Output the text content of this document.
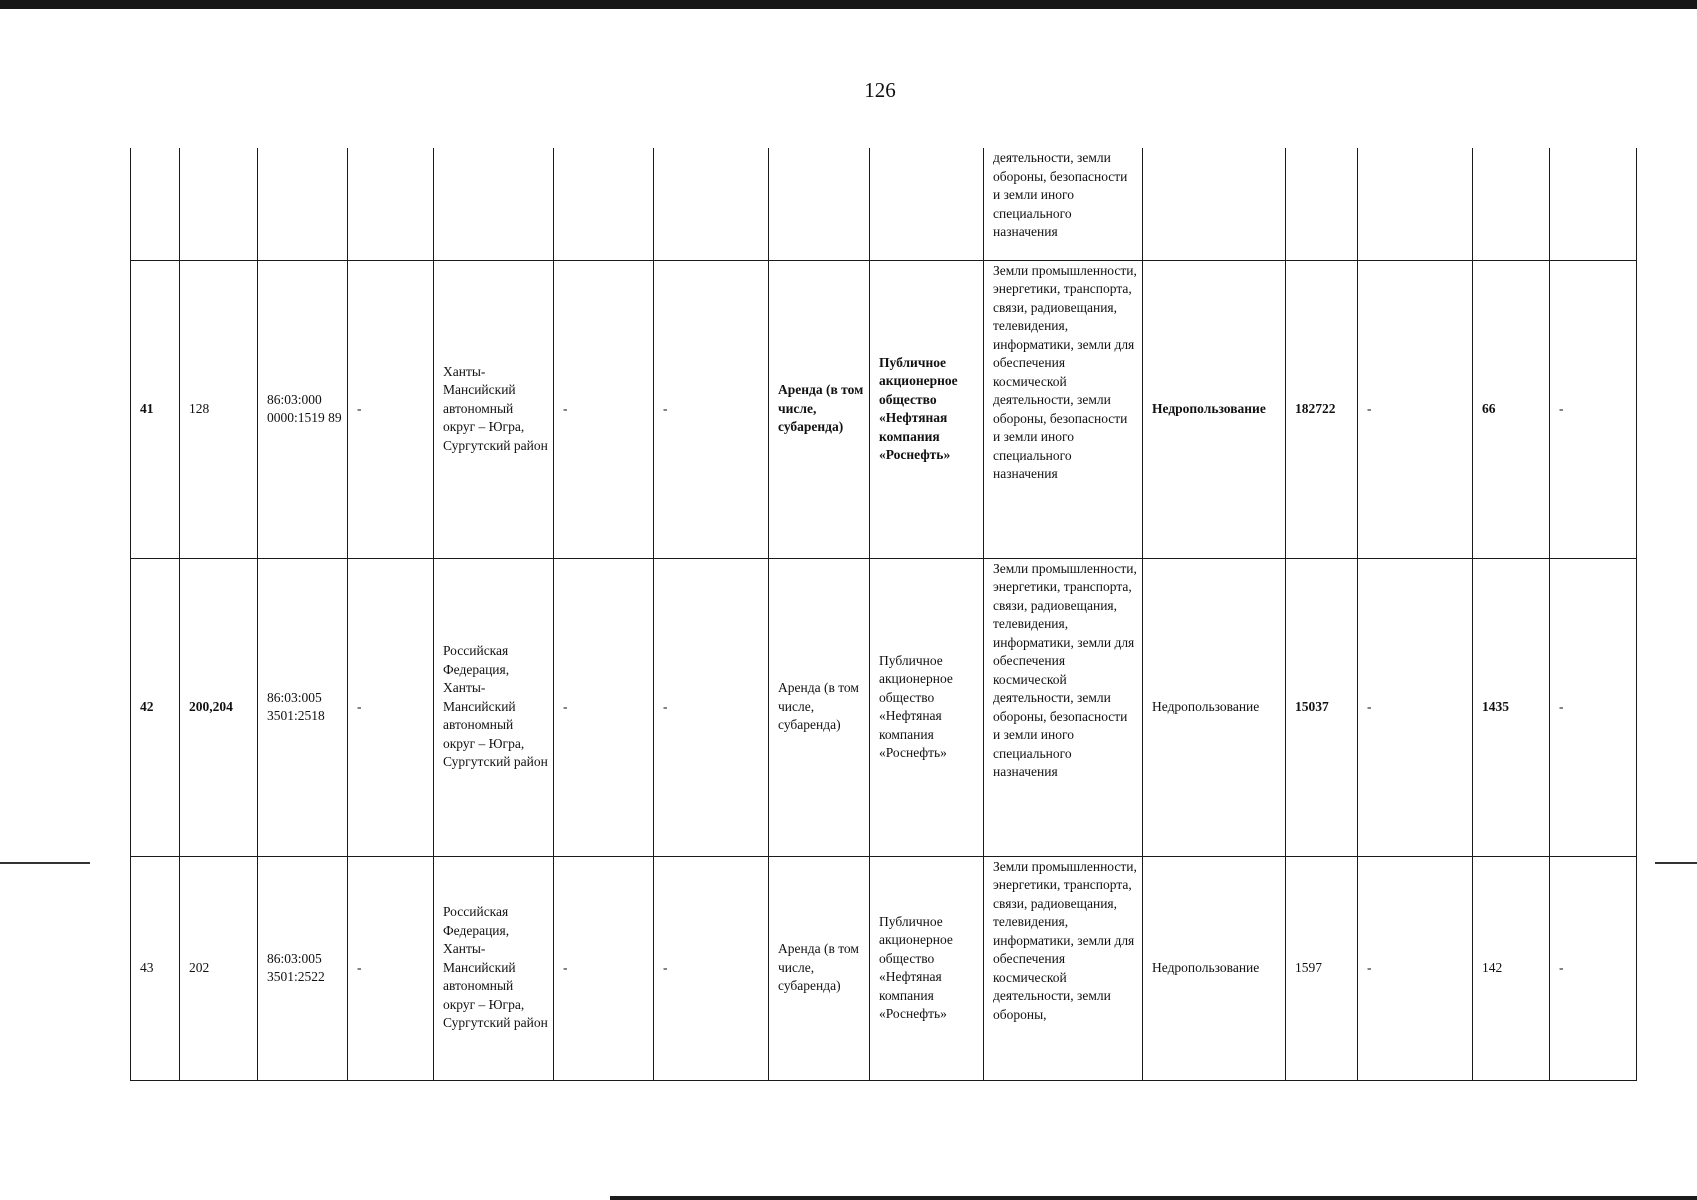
126
									деятельности, земли обороны, безопасности и земли иного специального назначения					
41	128	86:03:000 0000:1519 89	-	Ханты-Мансийский автономный округ – Югра, Сургутский район	-	-	Аренда (в том числе, субаренда)	Публичное акционерное общество «Нефтяная компания «Роснефть»	Земли промышленности, энергетики, транспорта, связи, радиовещания, телевидения, информатики, земли для обеспечения космической деятельности, земли обороны, безопасности и земли иного специального назначения	Недропользование	182722	-	66	-
42	200,204	86:03:005 3501:2518	-	Российская Федерация, Ханты-Мансийский автономный округ – Югра, Сургутский район	-	-	Аренда (в том числе, субаренда)	Публичное акционерное общество «Нефтяная компания «Роснефть»	Земли промышленности, энергетики, транспорта, связи, радиовещания, телевидения, информатики, земли для обеспечения космической деятельности, земли обороны, безопасности и земли иного специального назначения	Недропользование	15037	-	1435	-
43	202	86:03:005 3501:2522	-	Российская Федерация, Ханты-Мансийский автономный округ – Югра, Сургутский район	-	-	Аренда (в том числе, субаренда)	Публичное акционерное общество «Нефтяная компания «Роснефть»	Земли промышленности, энергетики, транспорта, связи, радиовещания, телевидения, информатики, земли для обеспечения космической деятельности, земли обороны,	Недропользование	1597	-	142	-
